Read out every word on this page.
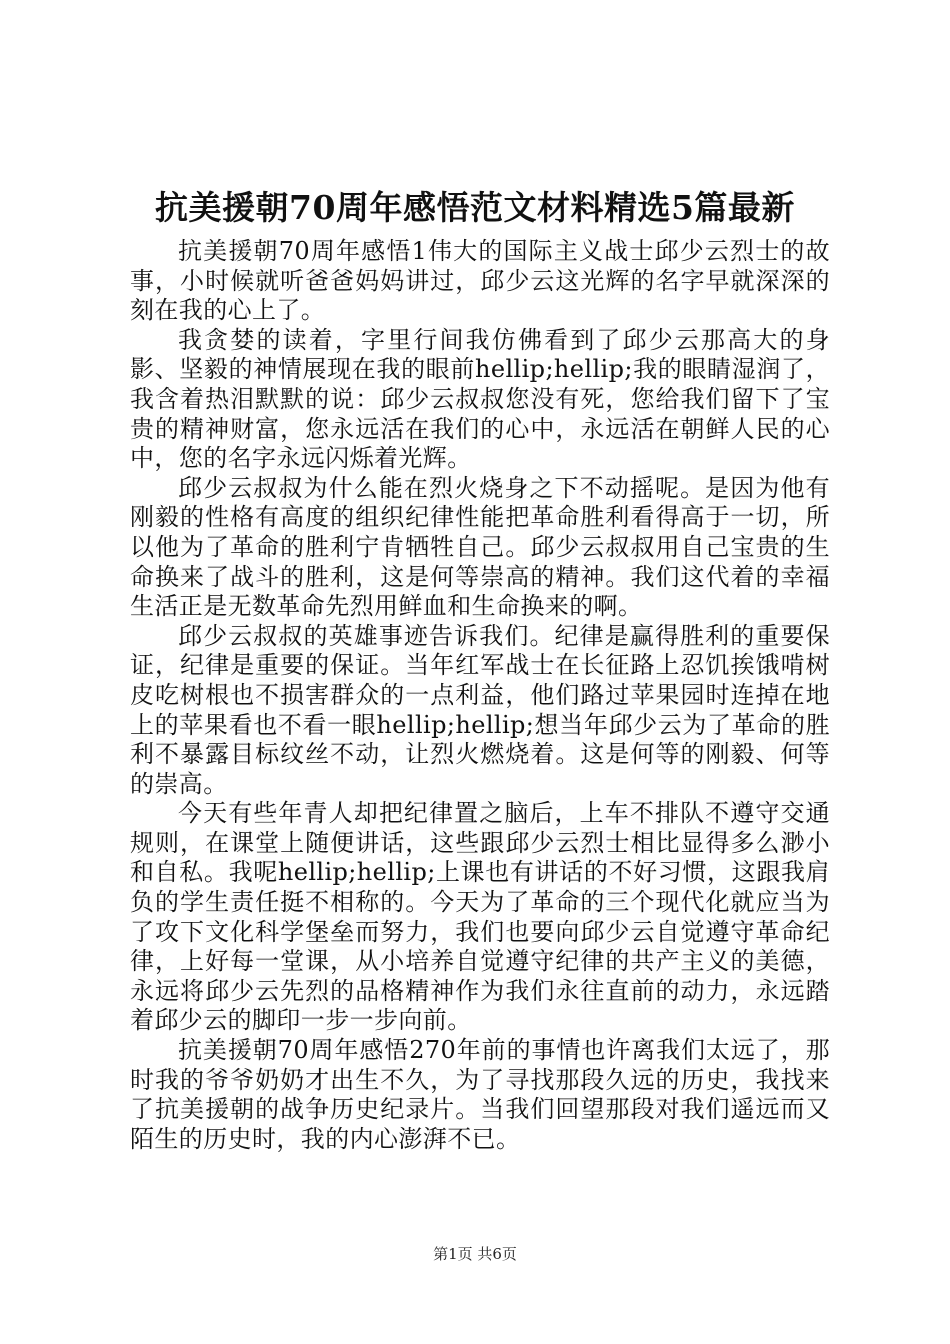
抗美援朝70周年感悟范文材料精选5篇最新

抗美援朝70周年感悟1伟大的国际主义战士邱少云烈士的故事，小时候就听爸爸妈妈讲过，邱少云这光辉的名字早就深深的刻在我的心上了。

我贪婪的读着，字里行间我仿佛看到了邱少云那高大的身影、坚毅的神情展现在我的眼前hellip;hellip;我的眼睛湿润了，我含着热泪默默的说：邱少云叔叔您没有死，您给我们留下了宝贵的精神财富，您永远活在我们的心中，永远活在朝鲜人民的心中，您的名字永远闪烁着光辉。

邱少云叔叔为什么能在烈火烧身之下不动摇呢。是因为他有刚毅的性格有高度的组织纪律性能把革命胜利看得高于一切，所以他为了革命的胜利宁肯牺牲自己。邱少云叔叔用自己宝贵的生命换来了战斗的胜利，这是何等崇高的精神。我们这代着的幸福生活正是无数革命先烈用鲜血和生命换来的啊。

邱少云叔叔的英雄事迹告诉我们。纪律是赢得胜利的重要保证，纪律是重要的保证。当年红军战士在长征路上忍饥挨饿啃树皮吃树根也不损害群众的一点利益，他们路过苹果园时连掉在地上的苹果看也不看一眼hellip;hellip;想当年邱少云为了革命的胜利不暴露目标纹丝不动，让烈火燃烧着。这是何等的刚毅、何等的崇高。

今天有些年青人却把纪律置之脑后，上车不排队不遵守交通规则，在课堂上随便讲话，这些跟邱少云烈士相比显得多么渺小和自私。我呢hellip;hellip;上课也有讲话的不好习惯，这跟我肩负的学生责任挺不相称的。今天为了革命的三个现代化就应当为了攻下文化科学堡垒而努力，我们也要向邱少云自觉遵守革命纪律，上好每一堂课，从小培养自觉遵守纪律的共产主义的美德，永远将邱少云先烈的品格精神作为我们永往直前的动力，永远踏着邱少云的脚印一步一步向前。

抗美援朝70周年感悟270年前的事情也许离我们太远了，那时我的爷爷奶奶才出生不久，为了寻找那段久远的历史，我找来了抗美援朝的战争历史纪录片。当我们回望那段对我们遥远而又陌生的历史时，我的内心澎湃不已。

第1页 共6页
